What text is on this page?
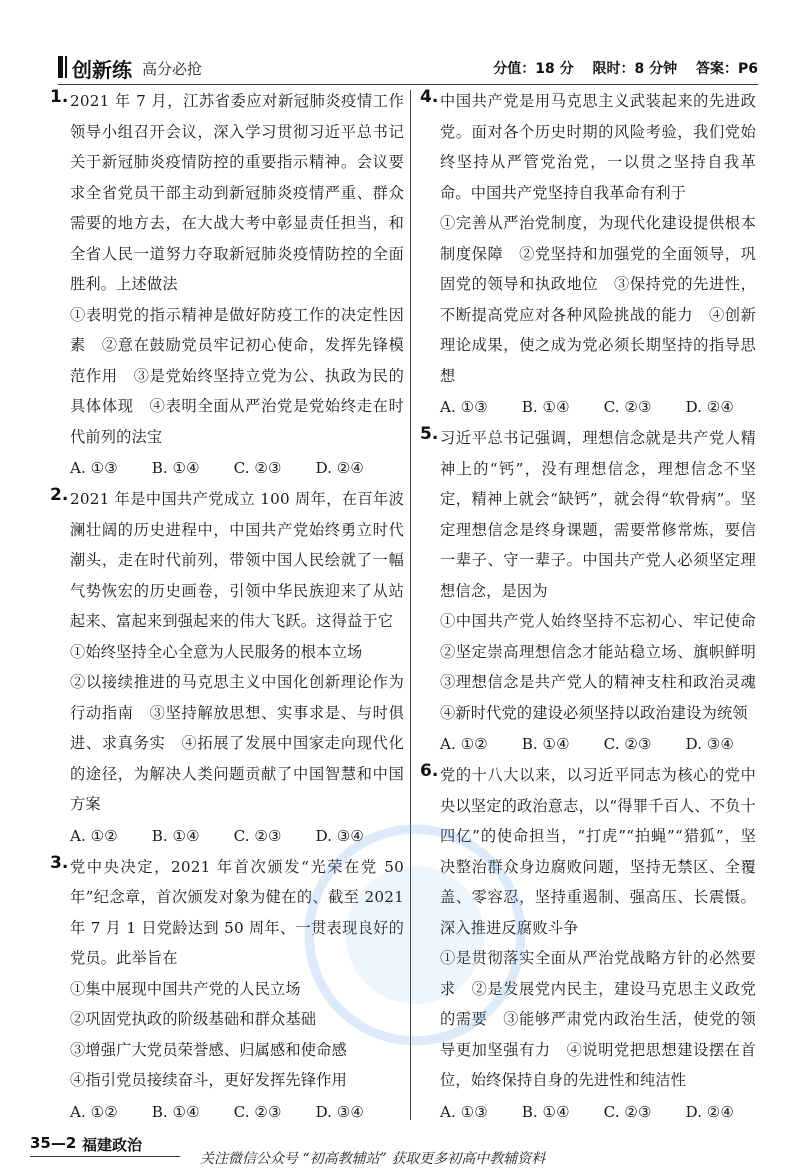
创新练 高分必抢	分值：18 分 限时：8 分钟 答案：P6
1. 2021 年 7 月，江苏省委应对新冠肺炎疫情工作领导小组召开会议，深入学习贯彻习近平总书记关于新冠肺炎疫情防控的重要指示精神。会议要求全省党员干部主动到新冠肺炎疫情严重、群众需要的地方去，在大战大考中彰显责任担当，和全省人民一道努力夺取新冠肺炎疫情防控的全面胜利。上述做法

①表明党的指示精神是做好防疫工作的决定性因素　②意在鼓励党员牢记初心使命，发挥先锋模范作用　③是党始终坚持立党为公、执政为民的具体体现　④表明全面从严治党是党始终走在时代前列的法宝

A. ①③ B. ①④ C. ②③ D. ②④
2. 2021 年是中国共产党成立 100 周年，在百年波澜壮阔的历史进程中，中国共产党始终勇立时代潮头，走在时代前列，带领中国人民绘就了一幅气势恢宏的历史画卷，引领中华民族迎来了从站起来、富起来到强起来的伟大飞跃。这得益于它

①始终坚持全心全意为人民服务的根本立场

②以接续推进的马克思主义中国化创新理论作为行动指南　③坚持解放思想、实事求是、与时俱进、求真务实　④拓展了发展中国家走向现代化的途径，为解决人类问题贡献了中国智慧和中国方案

A. ①② B. ①④ C. ②③ D. ③④
3. 党中央决定，2021 年首次颁发“光荣在党 50 年”纪念章，首次颁发对象为健在的、截至 2021 年 7 月 1 日党龄达到 50 周年、一贯表现良好的党员。此举旨在

①集中展现中国共产党的人民立场

②巩固党执政的阶级基础和群众基础

③增强广大党员荣誉感、归属感和使命感

④指引党员接续奋斗，更好发挥先锋作用

A. ①② B. ①④ C. ②③ D. ③④
4. 中国共产党是用马克思主义武装起来的先进政党。面对各个历史时期的风险考验，我们党始终坚持从严管党治党，一以贯之坚持自我革命。中国共产党坚持自我革命有利于

①完善从严治党制度，为现代化建设提供根本制度保障　②党坚持和加强党的全面领导，巩固党的领导和执政地位　③保持党的先进性，不断提高党应对各种风险挑战的能力　④创新理论成果，使之成为党必须长期坚持的指导思想

A. ①③ B. ①④ C. ②③ D. ②④
5. 习近平总书记强调，理想信念就是共产党人精神上的“钙”，没有理想信念，理想信念不坚定，精神上就会“缺钙”，就会得“软骨病”。坚定理想信念是终身课题，需要常修常炼，要信一辈子、守一辈子。中国共产党人必须坚定理想信念，是因为

①中国共产党人始终坚持不忘初心、牢记使命　②坚定崇高理想信念才能站稳立场、旗帜鲜明　③理想信念是共产党人的精神支柱和政治灵魂　④新时代党的建设必须坚持以政治建设为统领

A. ①② B. ①④ C. ②③ D. ③④
6. 党的十八大以来，以习近平同志为核心的党中央以坚定的政治意志，以“得罪千百人、不负十四亿”的使命担当，“打虎”“拍蝇”“猎狐”，坚决整治群众身边腐败问题，坚持无禁区、全覆盖、零容忍，坚持重遏制、强高压、长震慑。深入推进反腐败斗争

①是贯彻落实全面从严治党战略方针的必然要求　②是发展党内民主，建设马克思主义政党的需要　③能够严肃党内政治生活，使党的领导更加坚强有力　④说明党把思想建设摆在首位，始终保持自身的先进性和纯洁性

A. ①③ B. ①④ C. ②③ D. ②④
35—2 福建政治
关注微信公众号 “初高教辅站” 获取更多初高中教辅资料
